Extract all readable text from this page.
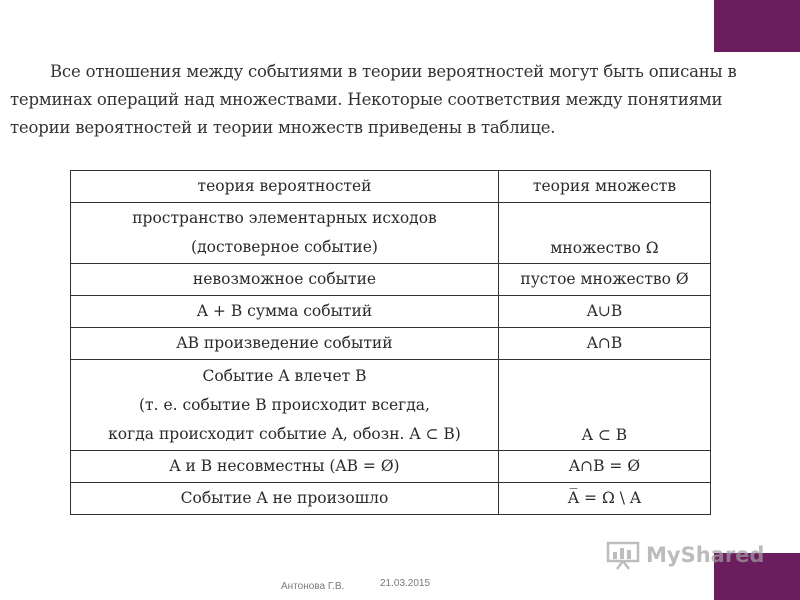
Все отношения между событиями в теории вероятностей могут быть описаны в
терминах операций над множествами. Некоторые соответствия между понятиями
теории вероятностей и теории множеств приведены в таблице.
теория вероятностей	теория множеств

пространство элементарных исходов
(достоверное событие)	множество Ω
невозможное событие	пустое множество Ø
A + B сумма событий	A∪B
AB произведение событий	A∩B

Событие A влечет B
(т. е. событие B происходит всегда,
когда происходит событие A, обозн. A ⊂ B)	A ⊂ B
A и B несовместны (AB = Ø)	A∩B = Ø
Событие A не произошло	A̅ = Ω \ A
Антонова Г.В.	21.03.2015
MyShared
